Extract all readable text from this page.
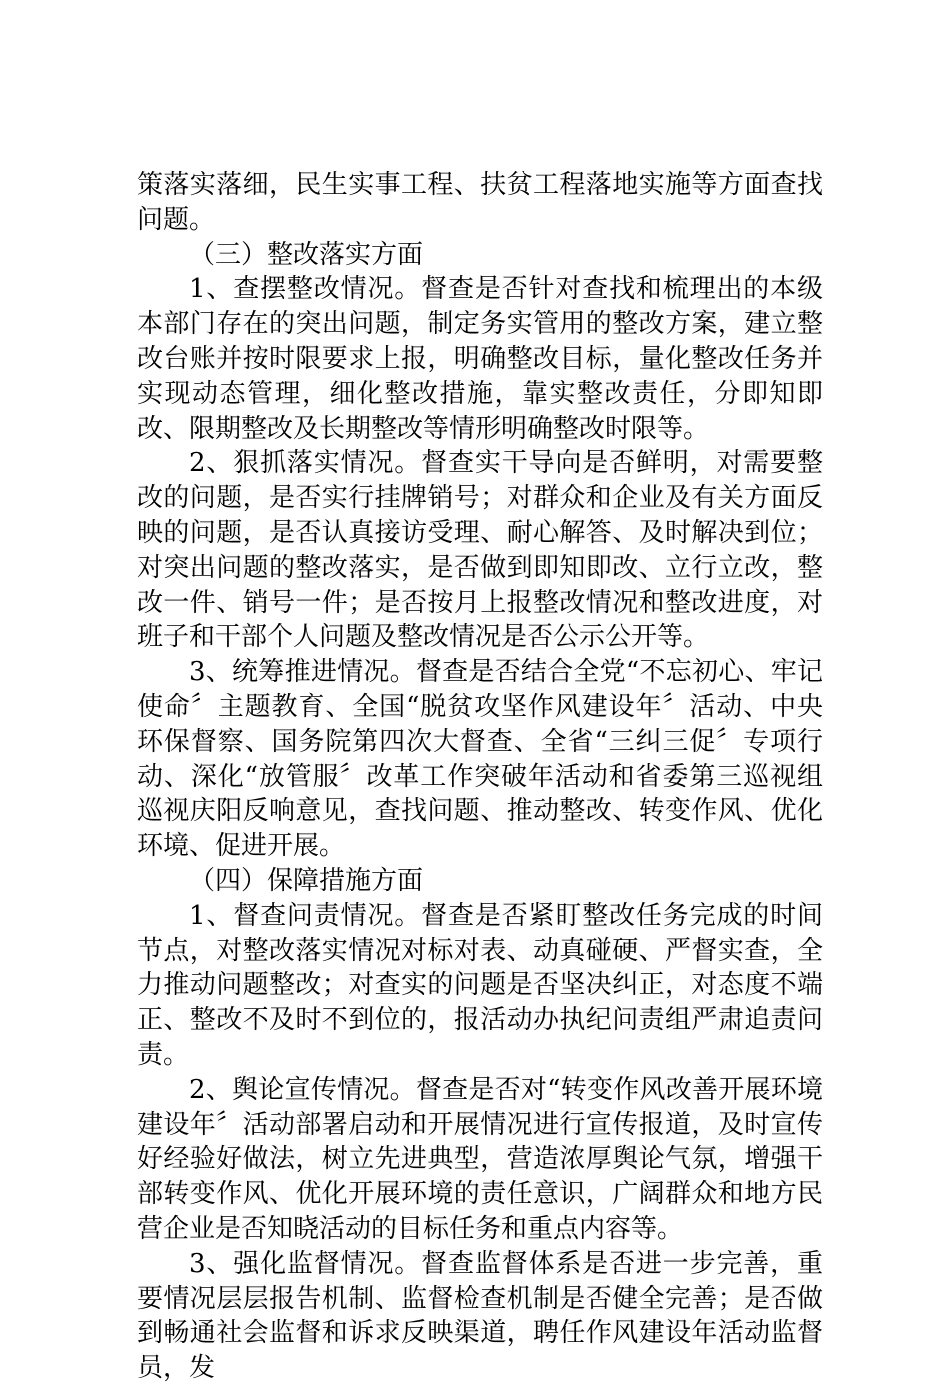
策落实落细，民生实事工程、扶贫工程落地实施等方面查找问题。

（三）整改落实方面

1、查摆整改情况。督查是否针对查找和梳理出的本级本部门存在的突出问题，制定务实管用的整改方案，建立整改台账并按时限要求上报，明确整改目标，量化整改任务并实现动态管理，细化整改措施，靠实整改责任，分即知即改、限期整改及长期整改等情形明确整改时限等。

2、狠抓落实情况。督查实干导向是否鲜明，对需要整改的问题，是否实行挂牌销号；对群众和企业及有关方面反映的问题，是否认真接访受理、耐心解答、及时解决到位；对突出问题的整改落实，是否做到即知即改、立行立改，整改一件、销号一件；是否按月上报整改情况和整改进度，对班子和干部个人问题及整改情况是否公示公开等。

3、统筹推进情况。督查是否结合全党“不忘初心、牢记使命〞主题教育、全国“脱贫攻坚作风建设年〞活动、中央环保督察、国务院第四次大督查、全省“三纠三促〞专项行动、深化“放管服〞改革工作突破年活动和省委第三巡视组巡视庆阳反响意见，查找问题、推动整改、转变作风、优化环境、促进开展。

（四）保障措施方面

1、督查问责情况。督查是否紧盯整改任务完成的时间节点，对整改落实情况对标对表、动真碰硬、严督实查，全力推动问题整改；对查实的问题是否坚决纠正，对态度不端正、整改不及时不到位的，报活动办执纪问责组严肃追责问责。

2、舆论宣传情况。督查是否对“转变作风改善开展环境建设年〞活动部署启动和开展情况进行宣传报道，及时宣传好经验好做法，树立先进典型，营造浓厚舆论气氛，增强干部转变作风、优化开展环境的责任意识，广阔群众和地方民营企业是否知晓活动的目标任务和重点内容等。

3、强化监督情况。督查监督体系是否进一步完善，重要情况层层报告机制、监督检查机制是否健全完善；是否做到畅通社会监督和诉求反映渠道，聘任作风建设年活动监督员，发
